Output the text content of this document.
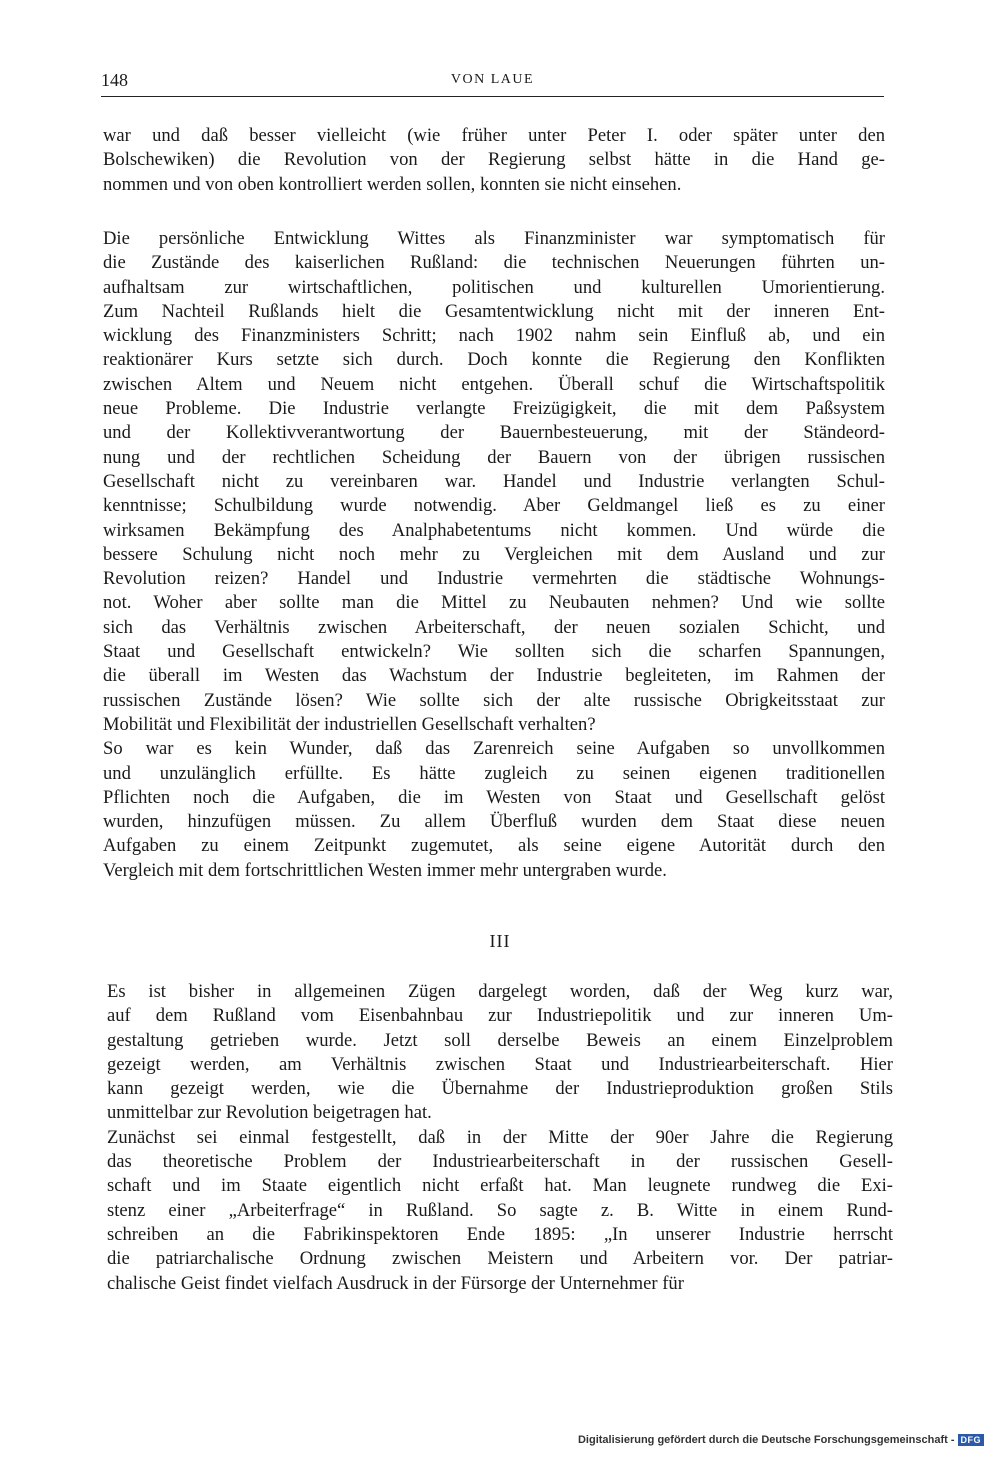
148	VON LAUE

war und daß besser vielleicht (wie früher unter Peter I. oder später unter den
Bolschewiken) die Revolution von der Regierung selbst hätte in die Hand ge-
nommen und von oben kontrolliert werden sollen, konnten sie nicht einsehen.

Die persönliche Entwicklung Wittes als Finanzminister war symptomatisch für
die Zustände des kaiserlichen Rußland: die technischen Neuerungen führten un-
aufhaltsam zur wirtschaftlichen, politischen und kulturellen Umorientierung.
Zum Nachteil Rußlands hielt die Gesamtentwicklung nicht mit der inneren Ent-
wicklung des Finanzministers Schritt; nach 1902 nahm sein Einfluß ab, und ein
reaktionärer Kurs setzte sich durch. Doch konnte die Regierung den Konflikten
zwischen Altem und Neuem nicht entgehen. Überall schuf die Wirtschaftspolitik
neue Probleme. Die Industrie verlangte Freizügigkeit, die mit dem Paßsystem
und der Kollektivverantwortung der Bauernbesteuerung, mit der Ständeord-
nung und der rechtlichen Scheidung der Bauern von der übrigen russischen
Gesellschaft nicht zu vereinbaren war. Handel und Industrie verlangten Schul-
kenntnisse; Schulbildung wurde notwendig. Aber Geldmangel ließ es zu einer
wirksamen Bekämpfung des Analphabetentums nicht kommen. Und würde die
bessere Schulung nicht noch mehr zu Vergleichen mit dem Ausland und zur
Revolution reizen? Handel und Industrie vermehrten die städtische Wohnungs-
not. Woher aber sollte man die Mittel zu Neubauten nehmen? Und wie sollte
sich das Verhältnis zwischen Arbeiterschaft, der neuen sozialen Schicht, und
Staat und Gesellschaft entwickeln? Wie sollten sich die scharfen Spannungen,
die überall im Westen das Wachstum der Industrie begleiteten, im Rahmen der
russischen Zustände lösen? Wie sollte sich der alte russische Obrigkeitsstaat zur
Mobilität und Flexibilität der industriellen Gesellschaft verhalten?
So war es kein Wunder, daß das Zarenreich seine Aufgaben so unvollkommen
und unzulänglich erfüllte. Es hätte zugleich zu seinen eigenen traditionellen
Pflichten noch die Aufgaben, die im Westen von Staat und Gesellschaft gelöst
wurden, hinzufügen müssen. Zu allem Überfluß wurden dem Staat diese neuen
Aufgaben zu einem Zeitpunkt zugemutet, als seine eigene Autorität durch den
Vergleich mit dem fortschrittlichen Westen immer mehr untergraben wurde.

III

Es ist bisher in allgemeinen Zügen dargelegt worden, daß der Weg kurz war,
auf dem Rußland vom Eisenbahnbau zur Industriepolitik und zur inneren Um-
gestaltung getrieben wurde. Jetzt soll derselbe Beweis an einem Einzelproblem
gezeigt werden, am Verhältnis zwischen Staat und Industriearbeiterschaft. Hier
kann gezeigt werden, wie die Übernahme der Industrieproduktion großen Stils
unmittelbar zur Revolution beigetragen hat.
Zunächst sei einmal festgestellt, daß in der Mitte der 90er Jahre die Regierung
das theoretische Problem der Industriearbeiterschaft in der russischen Gesell-
schaft und im Staate eigentlich nicht erfaßt hat. Man leugnete rundweg die Exi-
stenz einer „Arbeiterfrage“ in Rußland. So sagte z. B. Witte in einem Rund-
schreiben an die Fabrikinspektoren Ende 1895: „In unserer Industrie herrscht
die patriarchalische Ordnung zwischen Meistern und Arbeitern vor. Der patriar-
chalische Geist findet vielfach Ausdruck in der Fürsorge der Unternehmer für

Digitalisierung gefördert durch die Deutsche Forschungsgemeinschaft - DFG
